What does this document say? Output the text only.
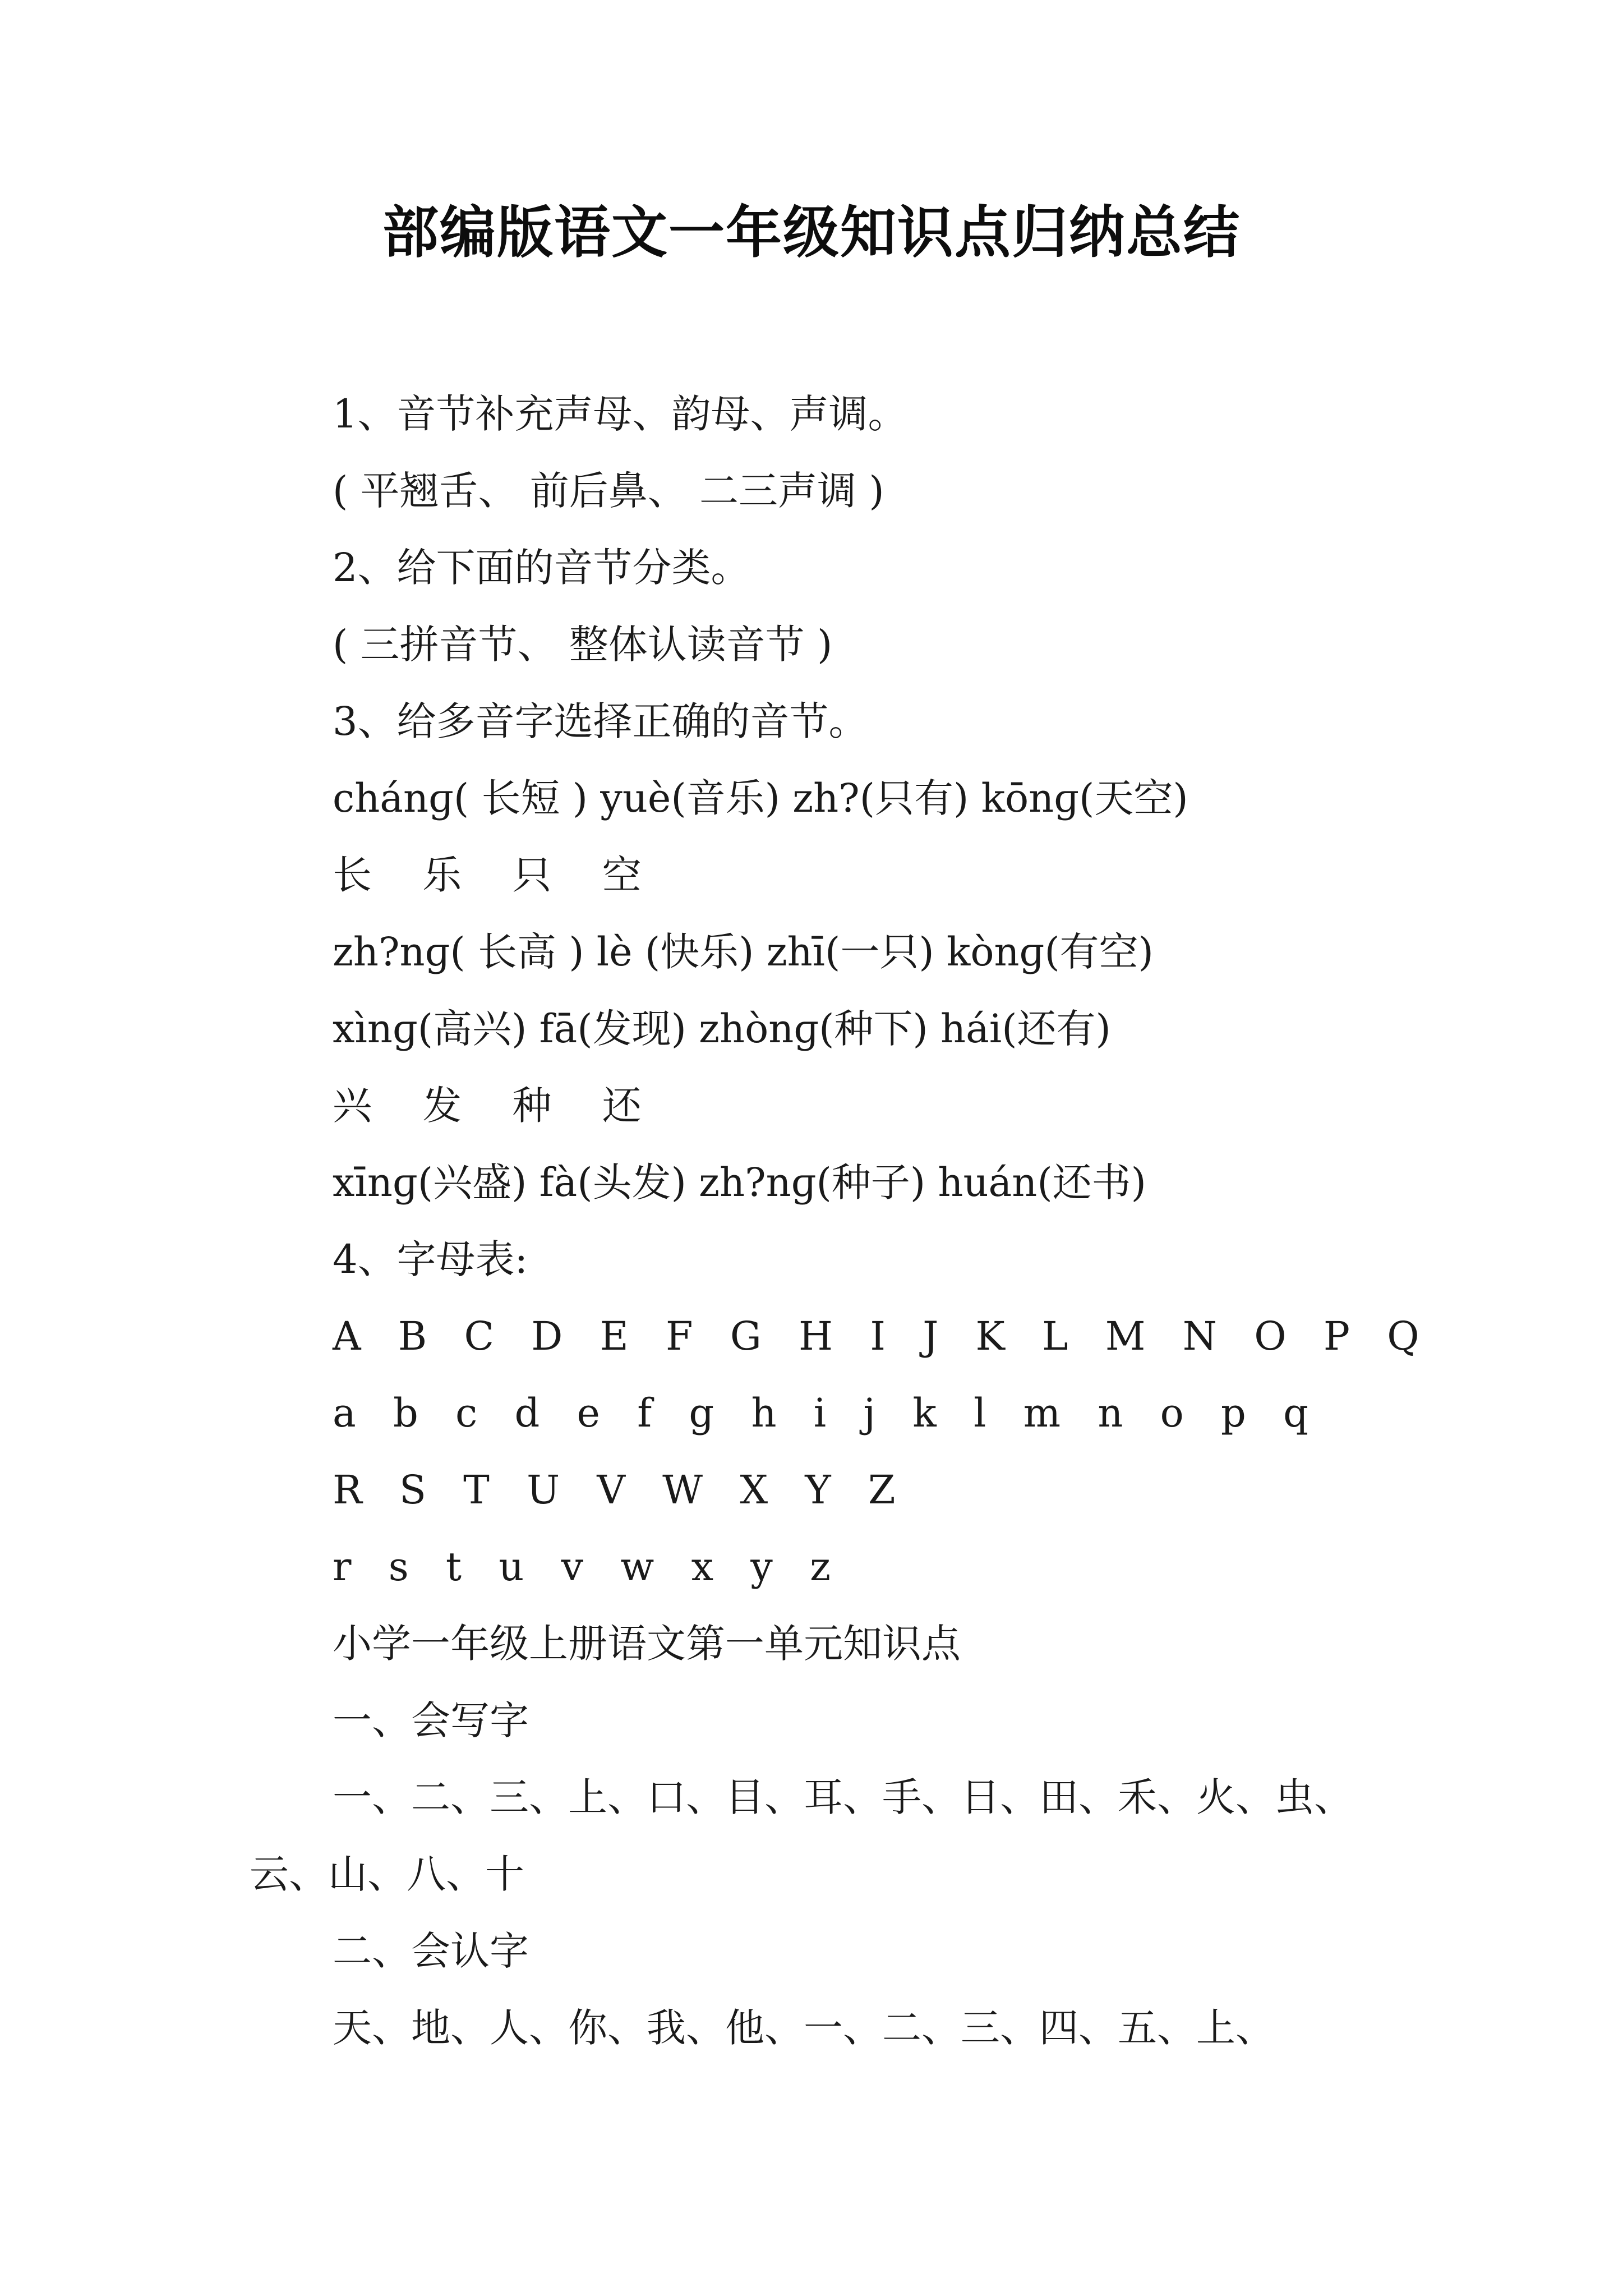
部编版语文一年级知识点归纳总结
1、音节补充声母、韵母、声调。
( 平翘舌、 前后鼻、 二三声调 )
2、给下面的音节分类。
( 三拼音节、 整体认读音节 )
3、给多音字选择正确的音节。
chánɡ( 长短 ) yuè(音乐) zh?(只有) kōnɡ(天空)
长 乐 只 空
zh?nɡ( 长高 ) lè (快乐) zhī(一只) kònɡ(有空)
xìnɡ(高兴) fā(发现) zhònɡ(种下) hái(还有)
兴 发 种 还
xīnɡ(兴盛) fà(头发) zh?nɡ(种子) huán(还书)
4、字母表:
A B C D E F G H I J K L M N O P Q
a b c d e f g h i j k l m n o p q
R S T U V W X Y Z
r s t u v w x y z
小学一年级上册语文第一单元知识点
一、会写字
一、二、三、上、口、目、耳、手、日、田、禾、火、虫、云、山、八、十
二、会认字
天、地、人、你、我、他、一、二、三、四、五、上、
